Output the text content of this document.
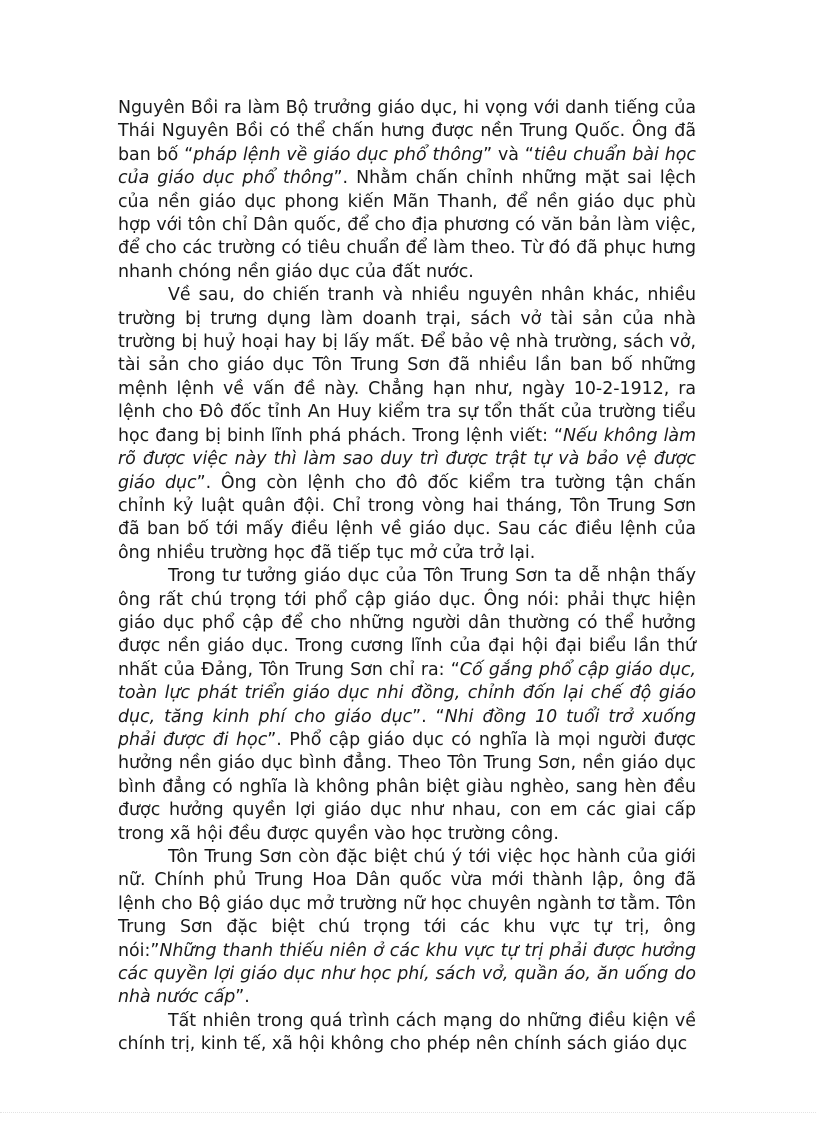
Nguyên Bồi ra làm Bộ trưởng giáo dục, hi vọng với danh tiếng của Thái Nguyên Bồi có thể chấn hưng được nền Trung Quốc. Ông đã ban bố “pháp lệnh về giáo dục phổ thông” và “tiêu chuẩn bài học của giáo dục phổ thông”. Nhằm chấn chỉnh những mặt sai lệch của nền giáo dục phong kiến Mãn Thanh, để nền giáo dục phù hợp với tôn chỉ Dân quốc, để cho địa phương có văn bản làm việc, để cho các trường có tiêu chuẩn để làm theo. Từ đó đã phục hưng nhanh chóng nền giáo dục của đất nước.

Về sau, do chiến tranh và nhiều nguyên nhân khác, nhiều trường bị trưng dụng làm doanh trại, sách vở tài sản của nhà trường bị huỷ hoại hay bị lấy mất. Để bảo vệ nhà trường, sách vở, tài sản cho giáo dục Tôn Trung Sơn đã nhiều lần ban bố những mệnh lệnh về vấn đề này. Chẳng hạn như, ngày 10-2-1912, ra lệnh cho Đô đốc tỉnh An Huy kiểm tra sự tổn thất của trường tiểu học đang bị binh lĩnh phá phách. Trong lệnh viết: “Nếu không làm rõ được việc này thì làm sao duy trì được trật tự và bảo vệ được giáo dục”. Ông còn lệnh cho đô đốc kiểm tra tường tận chấn chỉnh kỷ luật quân đội. Chỉ trong vòng hai tháng, Tôn Trung Sơn đã ban bố tới mấy điều lệnh về giáo dục. Sau các điều lệnh của ông nhiều trường học đã tiếp tục mở cửa trở lại.

Trong tư tưởng giáo dục của Tôn Trung Sơn ta dễ nhận thấy ông rất chú trọng tới phổ cập giáo dục. Ông nói: phải thực hiện giáo dục phổ cập để cho những người dân thường có thể hưởng được nền giáo dục. Trong cương lĩnh của đại hội đại biểu lần thứ nhất của Đảng, Tôn Trung Sơn chỉ ra: “Cố gắng phổ cập giáo dục, toàn lực phát triển giáo dục nhi đồng, chỉnh đốn lại chế độ giáo dục, tăng kinh phí cho giáo dục”. “Nhi đồng 10 tuổi trở xuống phải được đi học”. Phổ cập giáo dục có nghĩa là mọi người được hưởng nền giáo dục bình đẳng. Theo Tôn Trung Sơn, nền giáo dục bình đẳng có nghĩa là không phân biệt giàu nghèo, sang hèn đều được hưởng quyền lợi giáo dục như nhau, con em các giai cấp trong xã hội đều được quyền vào học trường công.

Tôn Trung Sơn còn đặc biệt chú ý tới việc học hành của giới nữ. Chính phủ Trung Hoa Dân quốc vừa mới thành lập, ông đã lệnh cho Bộ giáo dục mở trường nữ học chuyên ngành tơ tằm. Tôn Trung Sơn đặc biệt chú trọng tới các khu vực tự trị, ông nói:”Những thanh thiếu niên ở các khu vực tự trị phải được hưởng các quyền lợi giáo dục như học phí, sách vở, quần áo, ăn uống do nhà nước cấp”.

Tất nhiên trong quá trình cách mạng do những điều kiện về chính trị, kinh tế, xã hội không cho phép nên chính sách giáo dục
